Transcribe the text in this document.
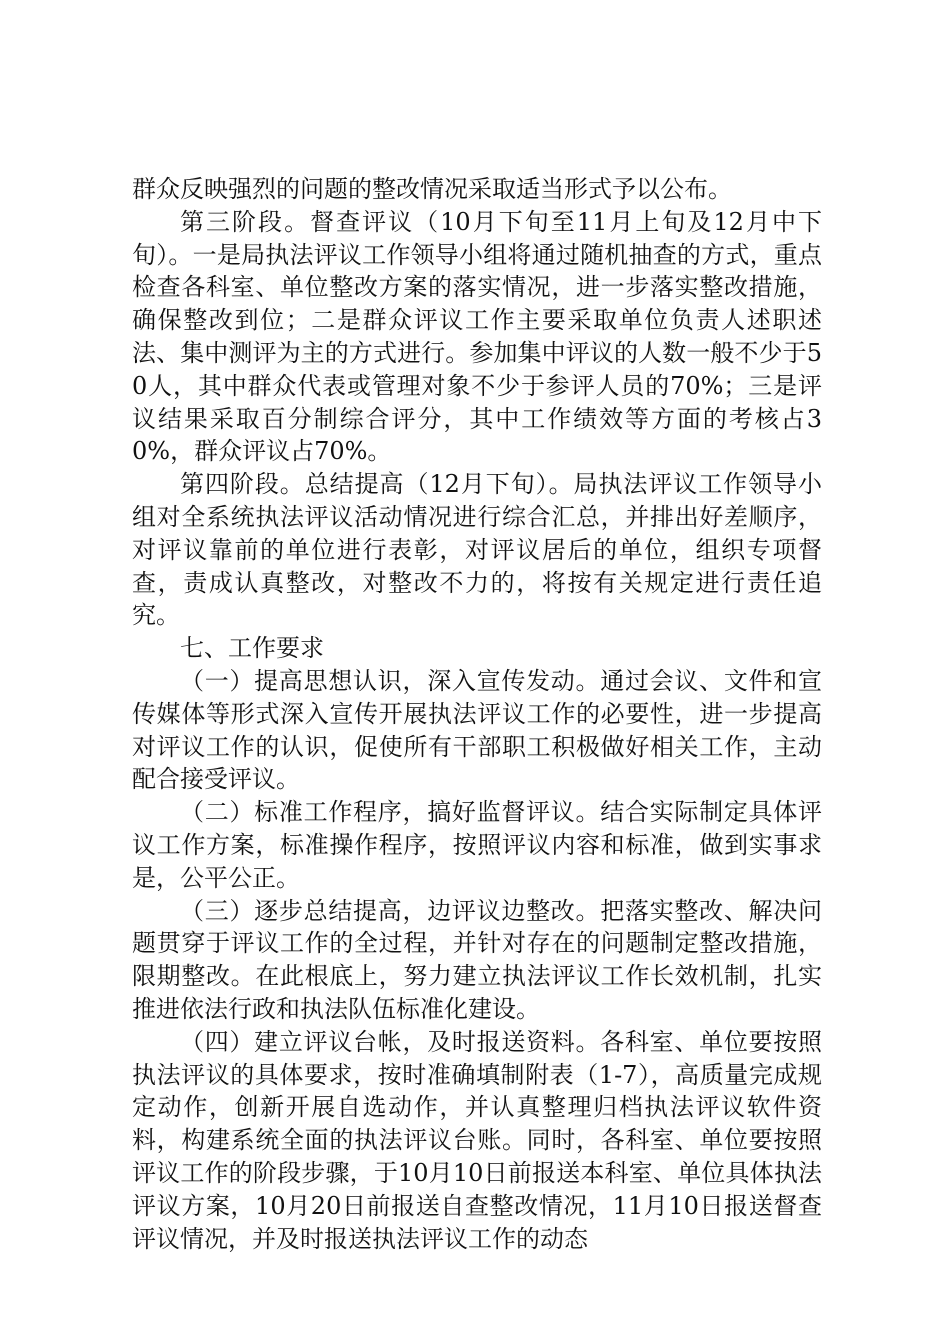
群众反映强烈的问题的整改情况采取适当形式予以公布。

第三阶段。督查评议（10月下旬至11月上旬及12月中下旬）。一是局执法评议工作领导小组将通过随机抽查的方式，重点检查各科室、单位整改方案的落实情况，进一步落实整改措施，确保整改到位；二是群众评议工作主要采取单位负责人述职述法、集中测评为主的方式进行。参加集中评议的人数一般不少于50人，其中群众代表或管理对象不少于参评人员的70%；三是评议结果采取百分制综合评分，其中工作绩效等方面的考核占30%，群众评议占70%。

第四阶段。总结提高（12月下旬）。局执法评议工作领导小组对全系统执法评议活动情况进行综合汇总，并排出好差顺序，对评议靠前的单位进行表彰，对评议居后的单位，组织专项督查，责成认真整改，对整改不力的，将按有关规定进行责任追究。

七、工作要求

（一）提高思想认识，深入宣传发动。通过会议、文件和宣传媒体等形式深入宣传开展执法评议工作的必要性，进一步提高对评议工作的认识，促使所有干部职工积极做好相关工作，主动配合接受评议。

（二）标准工作程序，搞好监督评议。结合实际制定具体评议工作方案，标准操作程序，按照评议内容和标准，做到实事求是，公平公正。

（三）逐步总结提高，边评议边整改。把落实整改、解决问题贯穿于评议工作的全过程，并针对存在的问题制定整改措施，限期整改。在此根底上，努力建立执法评议工作长效机制，扎实推进依法行政和执法队伍标准化建设。

（四）建立评议台帐，及时报送资料。各科室、单位要按照执法评议的具体要求，按时准确填制附表（1-7），高质量完成规定动作，创新开展自选动作，并认真整理归档执法评议软件资料，构建系统全面的执法评议台账。同时，各科室、单位要按照评议工作的阶段步骤，于10月10日前报送本科室、单位具体执法评议方案，10月20日前报送自查整改情况，11月10日报送督查评议情况，并及时报送执法评议工作的动态
